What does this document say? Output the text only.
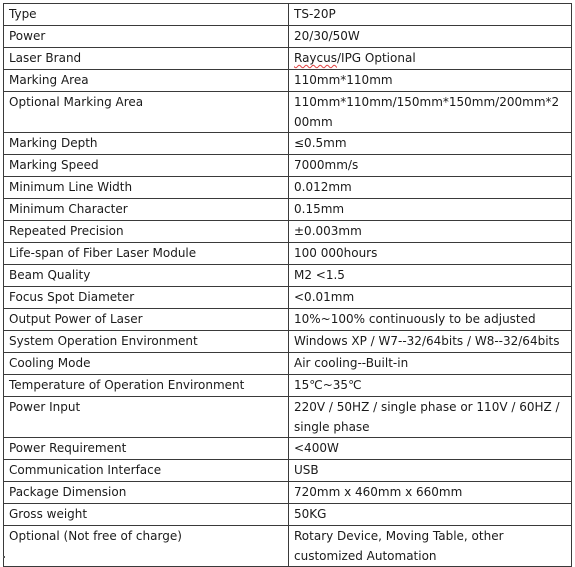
Type	TS-20P
Power	20/30/50W
Laser Brand	Raycus/IPG Optional
Marking Area	110mm*110mm
Optional Marking Area	110mm*110mm/150mm*150mm/200mm*200mm
Marking Depth	≤0.5mm
Marking Speed	7000mm/s
Minimum Line Width	0.012mm
Minimum Character	0.15mm
Repeated Precision	±0.003mm
Life-span of Fiber Laser Module	100 000hours
Beam Quality	M2 <1.5
Focus Spot Diameter	<0.01mm
Output Power of Laser	10%~100% continuously to be adjusted
System Operation Environment	Windows XP / W7--32/64bits / W8--32/64bits
Cooling Mode	Air cooling--Built-in
Temperature of Operation Environment	15℃~35℃
Power Input	220V / 50HZ / single phase or 110V / 60HZ / single phase
Power Requirement	<400W
Communication Interface	USB
Package Dimension	720mm x 460mm x 660mm
Gross weight	50KG
Optional (Not free of charge)	Rotary Device, Moving Table, other customized Automation
